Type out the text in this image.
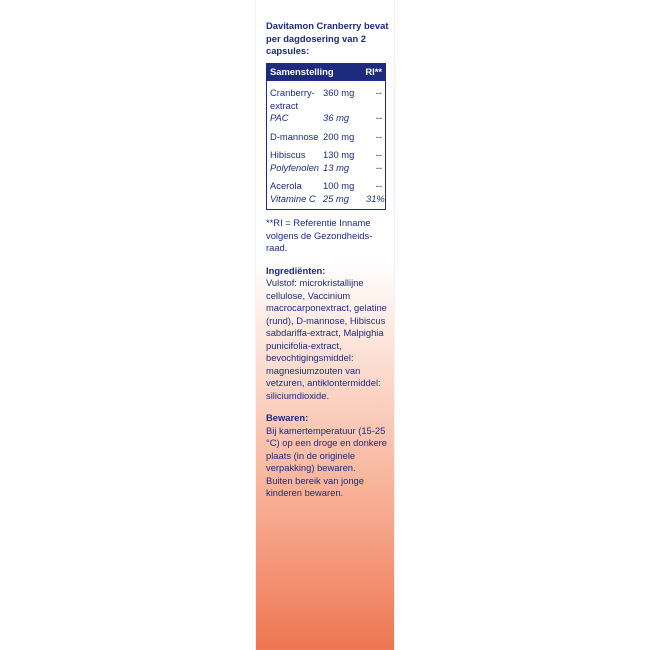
Davitamon Cranberry bevat per dagdosering van 2 capsules:
Samenstelling	RI**
Cranberry- 360 mg	--
extract
PAC	36 mg	--
D-mannose 200 mg	--
Hibiscus	130 mg	--
Polyfenolen 13 mg	--
Acerola	100 mg	--
Vitamine C 25 mg	31%
**RI = Referentie Inname volgens de Gezondheids-raad.
Ingrediënten:
Vulstof: microkristallijne cellulose, Vaccinium macrocarponextract, gelatine (rund), D-mannose, Hibiscus sabdariffa-extract, Malpighia punicifolia-extract, bevochtigingsmiddel: magnesiumzouten van vetzuren, antiklontermiddel: siliciumdioxide.
Bewaren:

Bij kamertemperatuur (15-25 °C) op een droge en donkere plaats (in de originele verpakking) bewaren.

Buiten bereik van jonge kinderen bewaren.
